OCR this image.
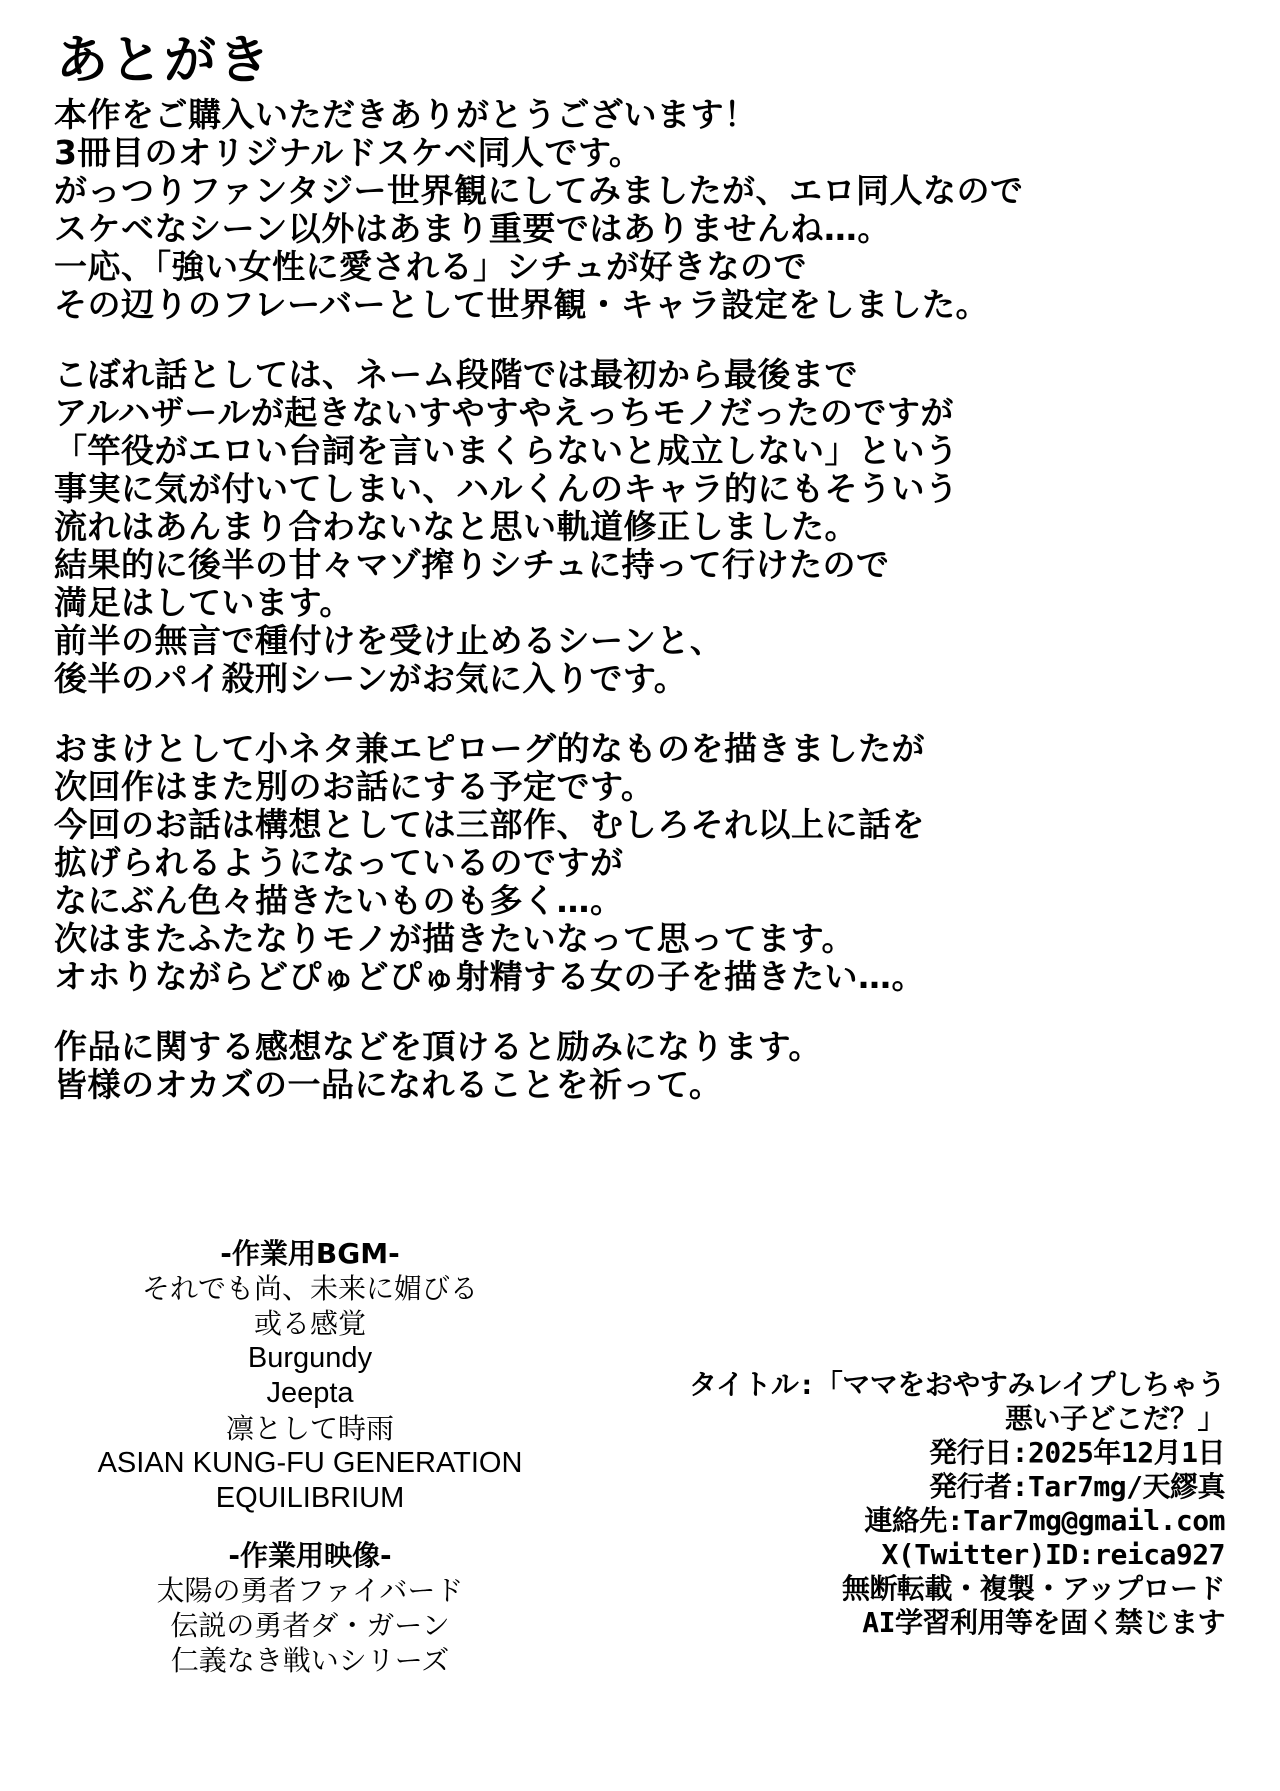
あとがき
本作をご購入いただきありがとうございます！
3冊目のオリジナルドスケベ同人です。
がっつりファンタジー世界観にしてみましたが、エロ同人なので
スケベなシーン以外はあまり重要ではありませんね…。
一応、「強い女性に愛される」シチュが好きなので
その辺りのフレーバーとして世界観・キャラ設定をしました。
こぼれ話としては、ネーム段階では最初から最後まで
アルハザールが起きないすやすやえっちモノだったのですが
「竿役がエロい台詞を言いまくらないと成立しない」という
事実に気が付いてしまい、ハルくんのキャラ的にもそういう
流れはあんまり合わないなと思い軌道修正しました。
結果的に後半の甘々マゾ搾りシチュに持って行けたので
満足はしています。
前半の無言で種付けを受け止めるシーンと、
後半のパイ殺刑シーンがお気に入りです。
おまけとして小ネタ兼エピローグ的なものを描きましたが
次回作はまた別のお話にする予定です。
今回のお話は構想としては三部作、むしろそれ以上に話を
拡げられるようになっているのですが
なにぶん色々描きたいものも多く…。
次はまたふたなりモノが描きたいなって思ってます。
オホりながらどぴゅどぴゅ射精する女の子を描きたい…。
作品に関する感想などを頂けると励みになります。
皆様のオカズの一品になれることを祈って。
-作業用BGM-
それでも尚、未来に媚びる
或る感覚
Burgundy
Jeepta
凛として時雨
ASIAN KUNG-FU GENERATION
EQUILIBRIUM
-作業用映像-
太陽の勇者ファイバード
伝説の勇者ダ・ガーン
仁義なき戦いシリーズ
タイトル:「ママをおやすみレイプしちゃう
悪い子どこだ？」
発行日:2025年12月1日
発行者:Tar7mg/天繆真
連絡先:Tar7mg@gmail.com
X(Twitter)ID:reica927
無断転載・複製・アップロード
AI学習利用等を固く禁じます
